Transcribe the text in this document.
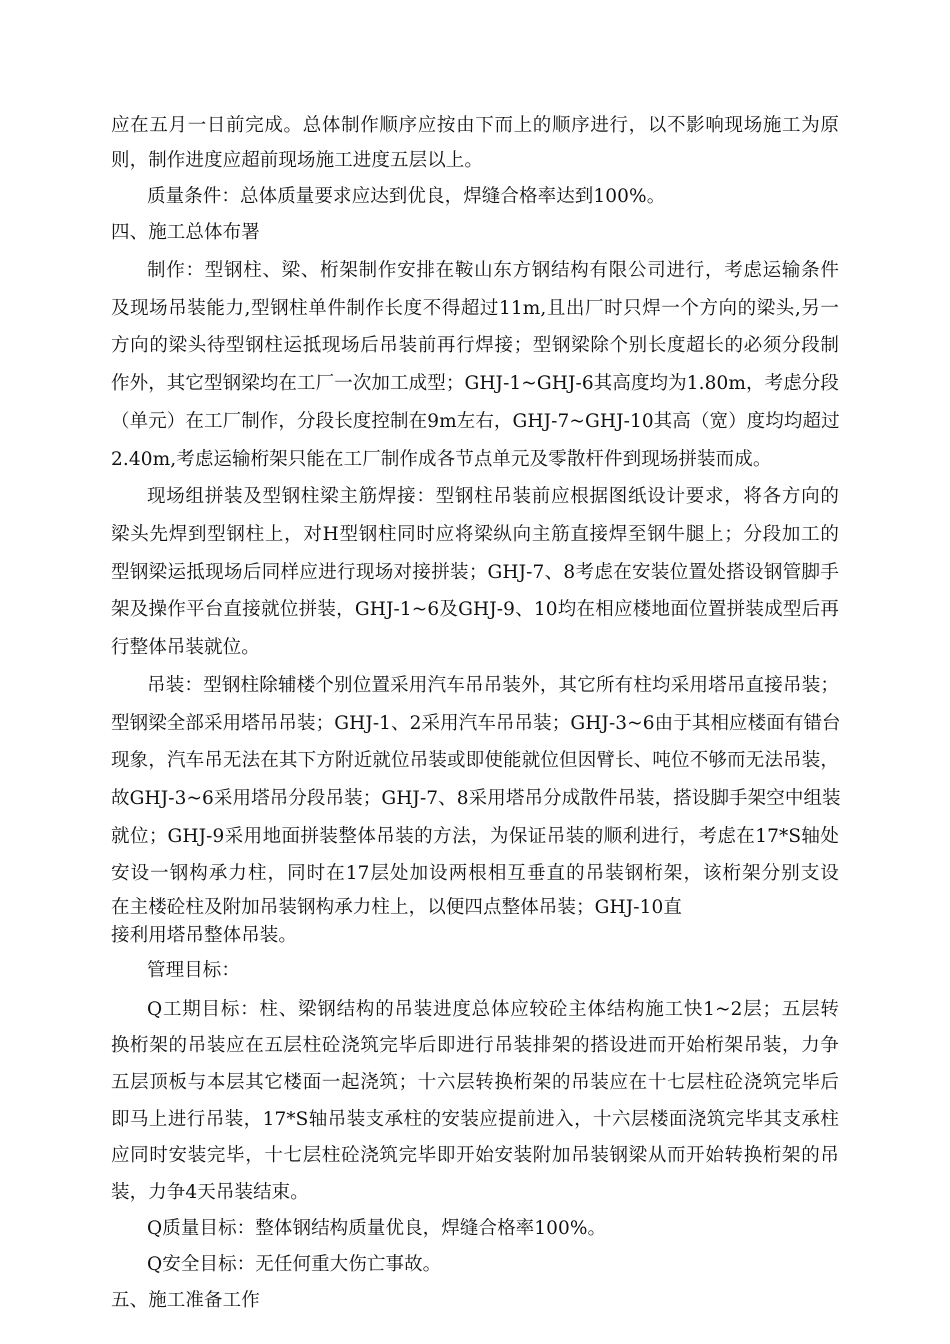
应在五月一日前完成。总体制作顺序应按由下而上的顺序进行，以不影响现场施工为原
则，制作进度应超前现场施工进度五层以上。
质量条件：总体质量要求应达到优良，焊缝合格率达到100%。
四、施工总体布署
制作：型钢柱、梁、桁架制作安排在鞍山东方钢结构有限公司进行，考虑运输条件
及现场吊装能力,型钢柱单件制作长度不得超过11m,且出厂时只焊一个方向的梁头,另一
方向的梁头待型钢柱运抵现场后吊装前再行焊接；型钢梁除个别长度超长的必须分段制
作外，其它型钢梁均在工厂一次加工成型；GHJ-1~GHJ-6其高度均为1.80m，考虑分段
（单元）在工厂制作，分段长度控制在9m左右，GHJ-7~GHJ-10其高（宽）度均均超过
2.40m,考虑运输桁架只能在工厂制作成各节点单元及零散杆件到现场拼装而成。
现场组拼装及型钢柱梁主筋焊接：型钢柱吊装前应根据图纸设计要求，将各方向的
梁头先焊到型钢柱上，对H型钢柱同时应将梁纵向主筋直接焊至钢牛腿上；分段加工的
型钢梁运抵现场后同样应进行现场对接拼装；GHJ-7、8考虑在安装位置处搭设钢管脚手
架及操作平台直接就位拼装，GHJ-1~6及GHJ-9、10均在相应楼地面位置拼装成型后再
行整体吊装就位。
吊装：型钢柱除辅楼个别位置采用汽车吊吊装外，其它所有柱均采用塔吊直接吊装；
型钢梁全部采用塔吊吊装；GHJ-1、2采用汽车吊吊装；GHJ-3~6由于其相应楼面有错台
现象，汽车吊无法在其下方附近就位吊装或即使能就位但因臂长、吨位不够而无法吊装，
故GHJ-3~6采用塔吊分段吊装；GHJ-7、8采用塔吊分成散件吊装，搭设脚手架空中组装
就位；GHJ-9采用地面拼装整体吊装的方法，为保证吊装的顺利进行，考虑在17*S轴处
安设一钢构承力柱，同时在17层处加设两根相互垂直的吊装钢桁架，该桁架分别支设
在主楼砼柱及附加吊装钢构承力柱上，以便四点整体吊装；GHJ-10直
接利用塔吊整体吊装。
管理目标：
Q工期目标：柱、梁钢结构的吊装进度总体应较砼主体结构施工快1~2层；五层转
换桁架的吊装应在五层柱砼浇筑完毕后即进行吊装排架的搭设进而开始桁架吊装，力争
五层顶板与本层其它楼面一起浇筑；十六层转换桁架的吊装应在十七层柱砼浇筑完毕后
即马上进行吊装，17*S轴吊装支承柱的安装应提前进入，十六层楼面浇筑完毕其支承柱
应同时安装完毕，十七层柱砼浇筑完毕即开始安装附加吊装钢梁从而开始转换桁架的吊
装，力争4天吊装结束。
Q质量目标：整体钢结构质量优良，焊缝合格率100%。
Q安全目标：无任何重大伤亡事故。
五、施工准备工作
